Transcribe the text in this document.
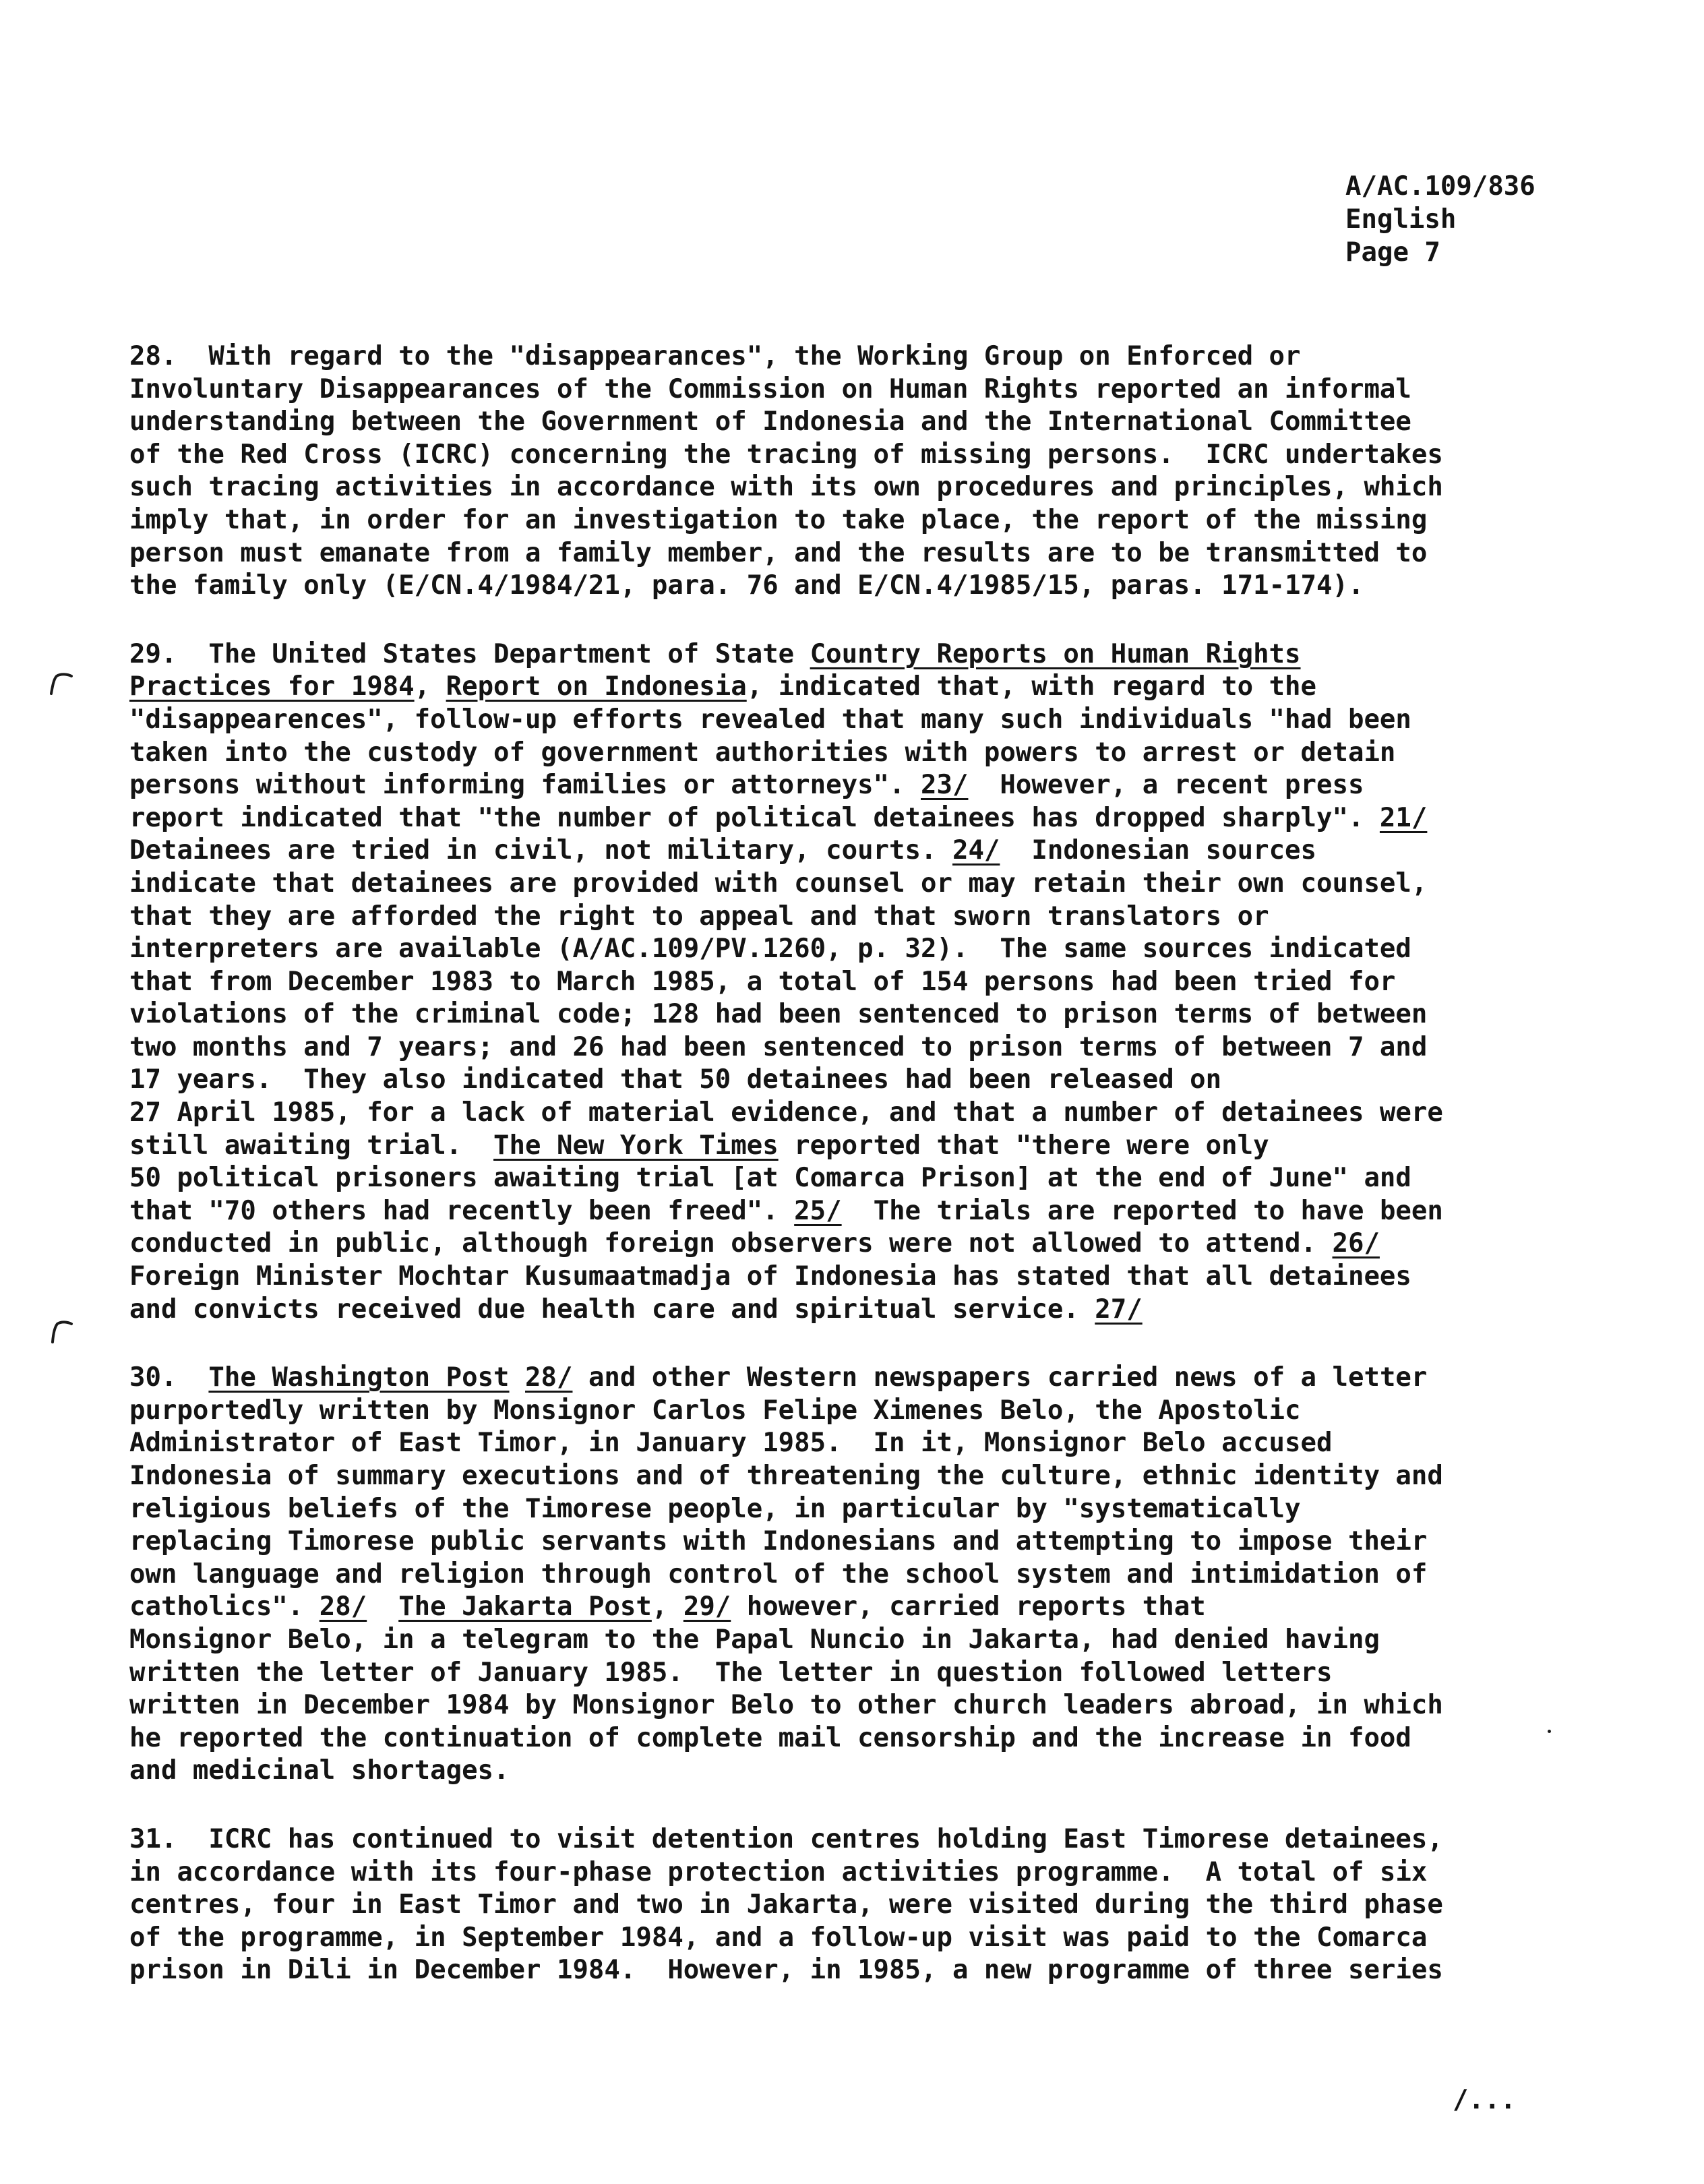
A/AC.109/836
English
Page 7
28.  With regard to the "disappearances", the Working Group on Enforced or
Involuntary Disappearances of the Commission on Human Rights reported an informal
understanding between the Government of Indonesia and the International Committee
of the Red Cross (ICRC) concerning the tracing of missing persons.  ICRC undertakes
such tracing activities in accordance with its own procedures and principles, which
imply that, in order for an investigation to take place, the report of the missing
person must emanate from a family member, and the results are to be transmitted to
the family only (E/CN.4/1984/21, para. 76 and E/CN.4/1985/15, paras. 171-174).
29.  The United States Department of State Country Reports on Human Rights
Practices for 1984, Report on Indonesia, indicated that, with regard to the
"disappearences", follow-up efforts revealed that many such individuals "had been
taken into the custody of government authorities with powers to arrest or detain
persons without informing families or attorneys". 23/  However, a recent press
report indicated that "the number of political detainees has dropped sharply". 21/
Detainees are tried in civil, not military, courts. 24/  Indonesian sources
indicate that detainees are provided with counsel or may retain their own counsel,
that they are afforded the right to appeal and that sworn translators or
interpreters are available (A/AC.109/PV.1260, p. 32).  The same sources indicated
that from December 1983 to March 1985, a total of 154 persons had been tried for
violations of the criminal code; 128 had been sentenced to prison terms of between
two months and 7 years; and 26 had been sentenced to prison terms of between 7 and
17 years.  They also indicated that 50 detainees had been released on
27 April 1985, for a lack of material evidence, and that a number of detainees were
still awaiting trial.  The New York Times reported that "there were only
50 political prisoners awaiting trial [at Comarca Prison] at the end of June" and
that "70 others had recently been freed". 25/  The trials are reported to have been
conducted in public, although foreign observers were not allowed to attend. 26/
Foreign Minister Mochtar Kusumaatmadja of Indonesia has stated that all detainees
and convicts received due health care and spiritual service. 27/
30.  The Washington Post 28/ and other Western newspapers carried news of a letter
purportedly written by Monsignor Carlos Felipe Ximenes Belo, the Apostolic
Administrator of East Timor, in January 1985.  In it, Monsignor Belo accused
Indonesia of summary executions and of threatening the culture, ethnic identity and
religious beliefs of the Timorese people, in particular by "systematically
replacing Timorese public servants with Indonesians and attempting to impose their
own language and religion through control of the school system and intimidation of
catholics". 28/ The Jakarta Post, 29/ however, carried reports that
Monsignor Belo, in a telegram to the Papal Nuncio in Jakarta, had denied having
written the letter of January 1985.  The letter in question followed letters
written in December 1984 by Monsignor Belo to other church leaders abroad, in which
he reported the continuation of complete mail censorship and the increase in food
and medicinal shortages.
31.  ICRC has continued to visit detention centres holding East Timorese detainees,
in accordance with its four-phase protection activities programme.  A total of six
centres, four in East Timor and two in Jakarta, were visited during the third phase
of the programme, in September 1984, and a follow-up visit was paid to the Comarca
prison in Dili in December 1984.  However, in 1985, a new programme of three series
/...
